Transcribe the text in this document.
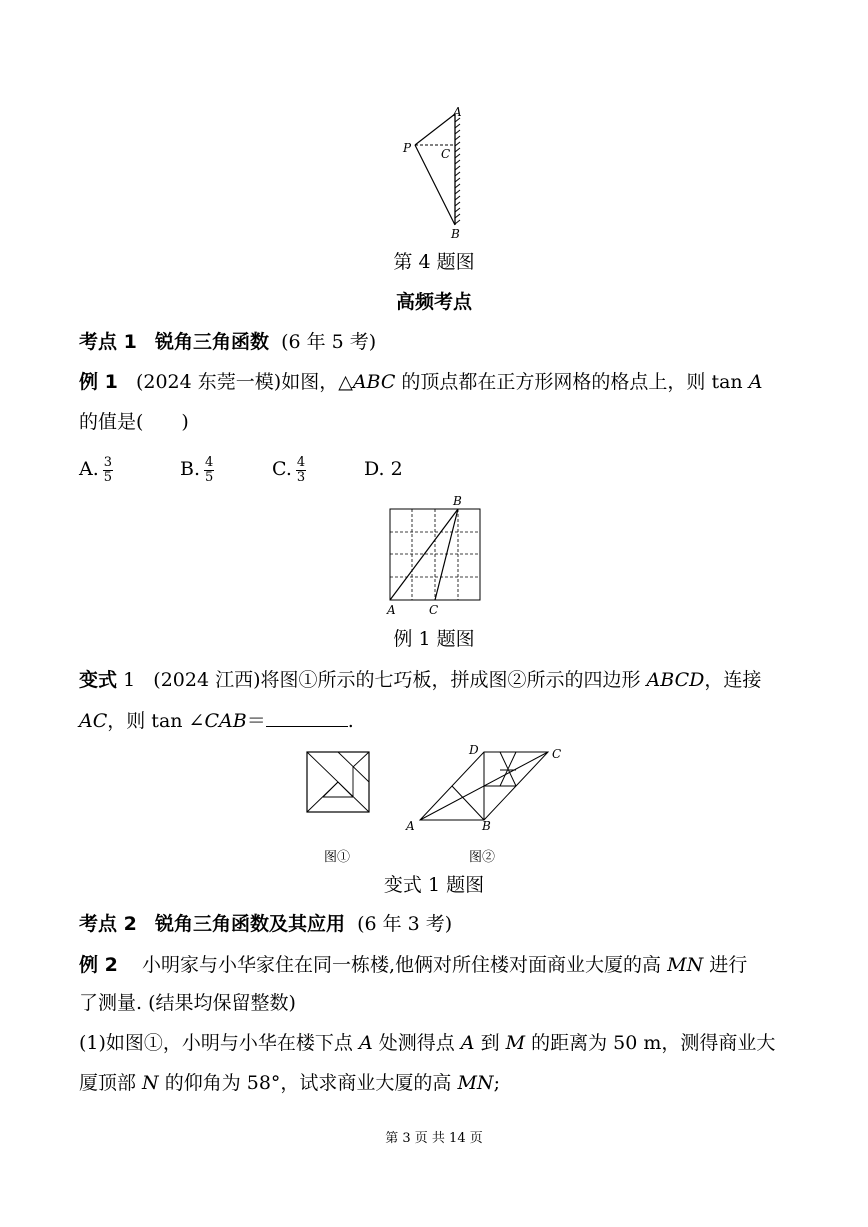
A
P C
B
第 4 题图
高频考点
考点 1 锐角三角函数 (6 年 5 考)
例 1 (2024 东莞一模)如图，△ABC 的顶点都在正方形网格的格点上，则 tan A
的值是(　　)
A. $\frac{3}{5}$	B. $\frac{4}{5}$	C. $\frac{4}{3}$	D. 2
B
A	C
例 1 题图
变式 1 (2024 江西)将图①所示的七巧板，拼成图②所示的四边形 ABCD，连接
AC，则 tan ∠CAB＝	.
D	C
A	B
图①	图②
变式 1 题图
考点 2 锐角三角函数及其应用 (6 年 3 考)
例 2 小明家与小华家住在同一栋楼,他俩对所住楼对面商业大厦的高 MN 进行
了测量. (结果均保留整数)
(1)如图①，小明与小华在楼下点 A 处测得点 A 到 M 的距离为 50 m，测得商业大
厦顶部 N 的仰角为 58°，试求商业大厦的高 MN;
第 3 页 共 14 页
